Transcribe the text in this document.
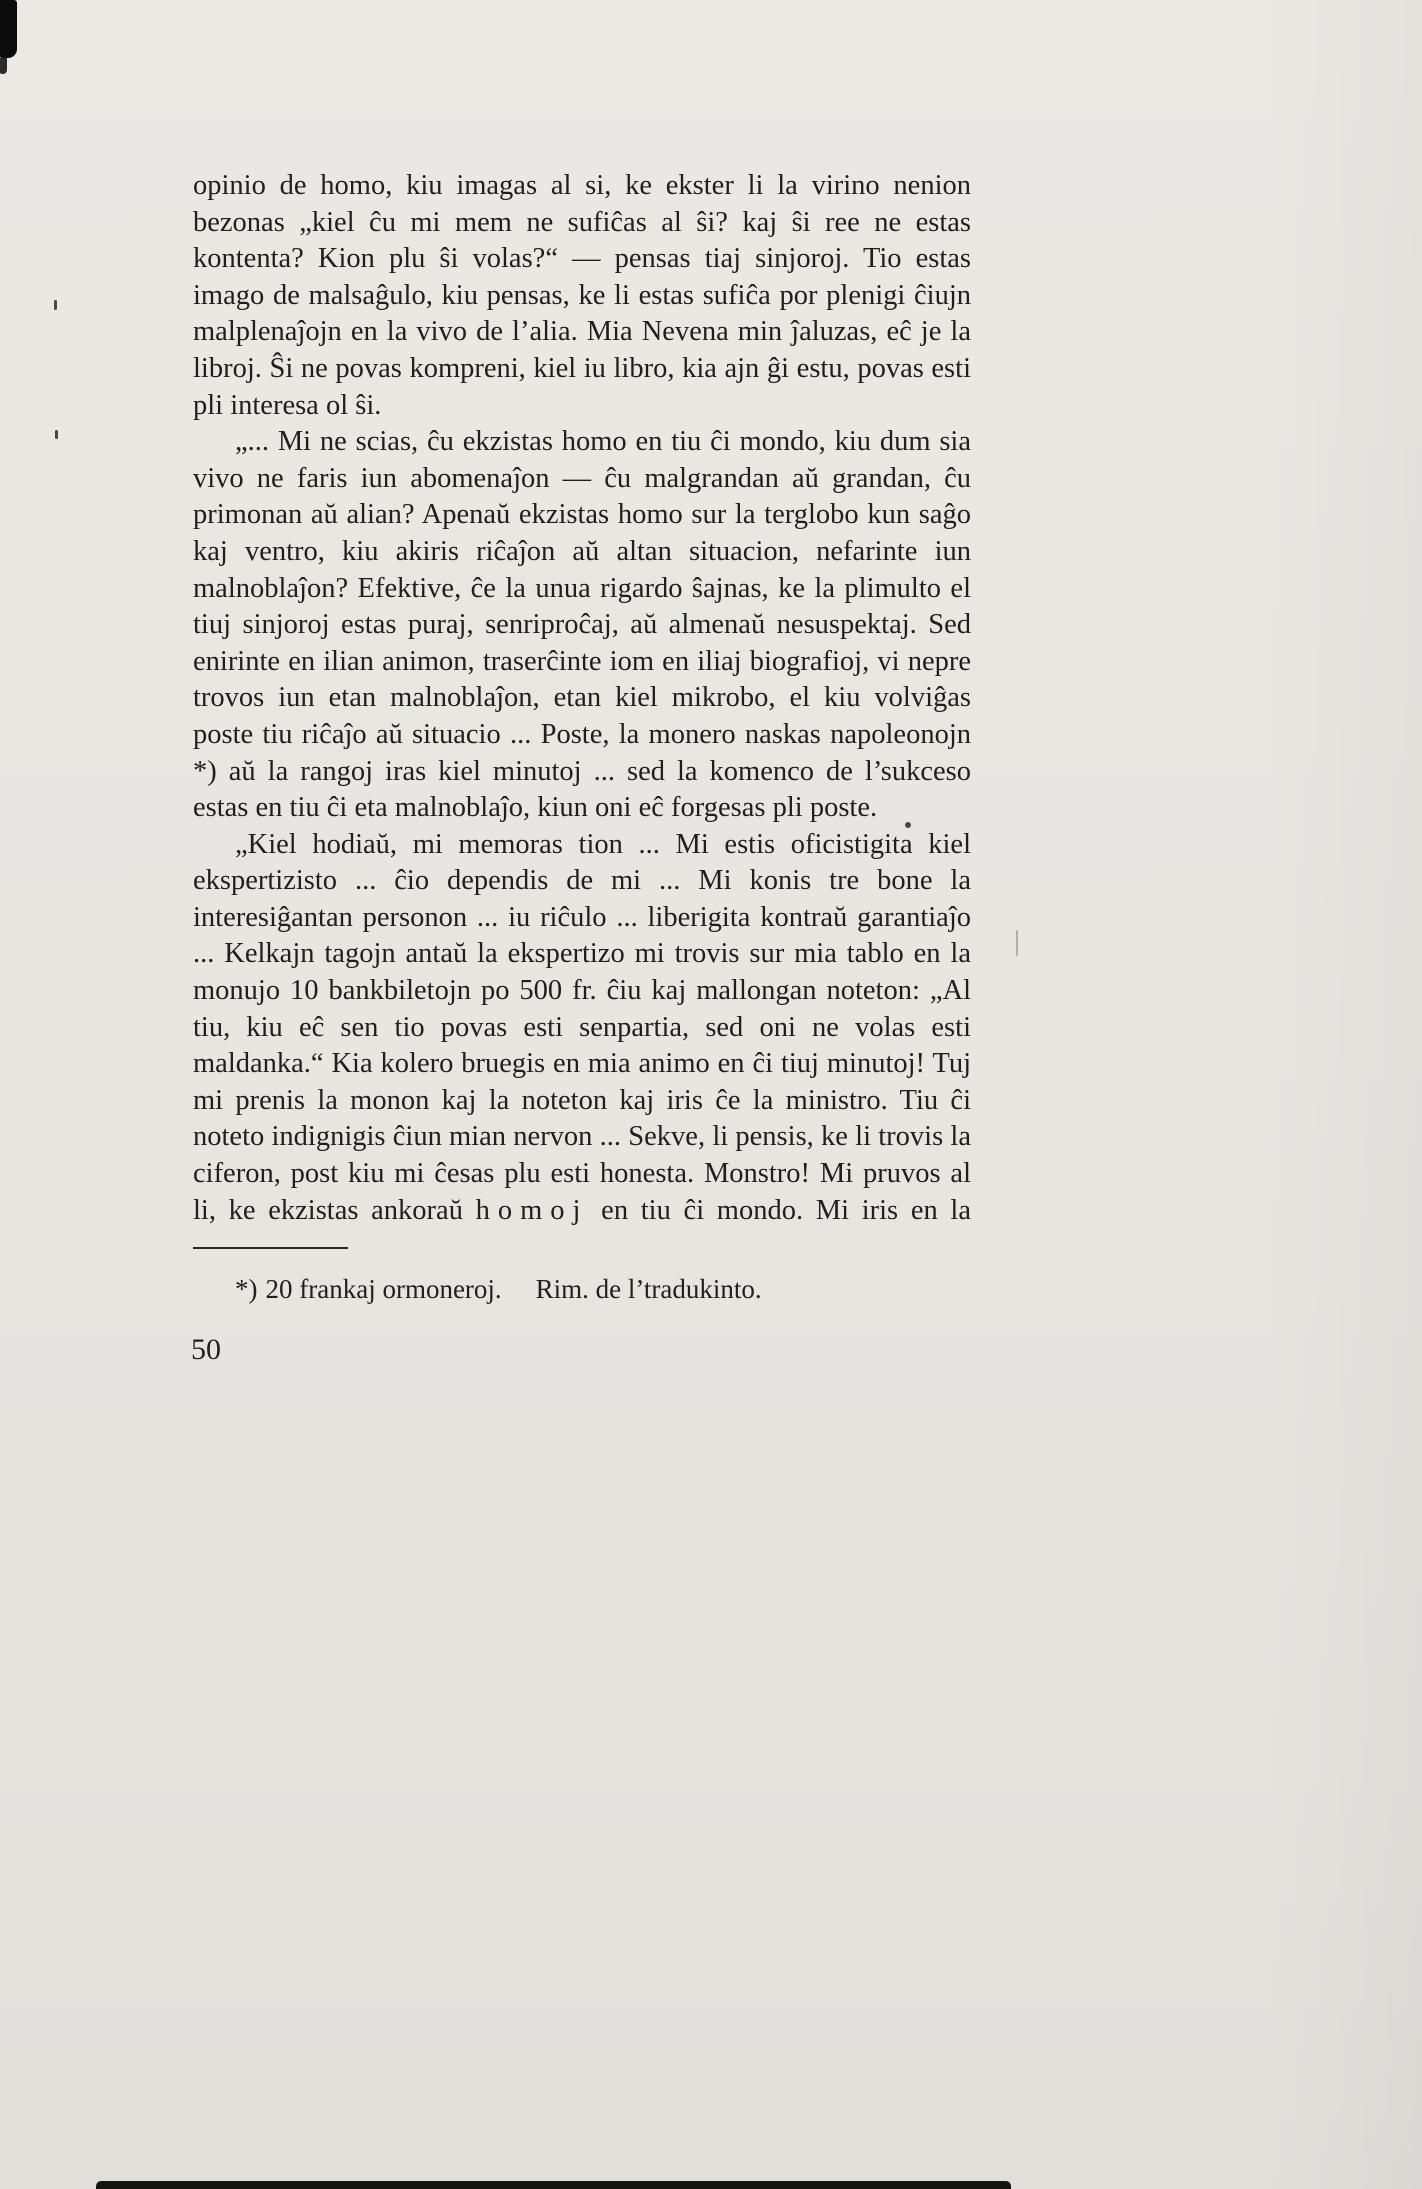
opinio de homo, kiu imagas al si, ke ekster li la virino nenion bezonas „kiel ĉu mi mem ne sufiĉas al ŝi? kaj ŝi ree ne estas kontenta? Kion plu ŝi volas?“ — pensas tiaj sinjoroj. Tio estas imago de malsaĝulo, kiu pensas, ke li estas sufiĉa por plenigi ĉiujn malplenaĵojn en la vivo de l’alia. Mia Nevena min ĵaluzas, eĉ je la libroj. Ŝi ne povas kompreni, kiel iu libro, kia ajn ĝi estu, povas esti pli interesa ol ŝi.

„... Mi ne scias, ĉu ekzistas homo en tiu ĉi mondo, kiu dum sia vivo ne faris iun abomenaĵon — ĉu malgrandan aŭ grandan, ĉu primonan aŭ alian? Apenaŭ ekzistas homo sur la terglobo kun saĝo kaj ventro, kiu akiris riĉaĵon aŭ altan situacion, nefarinte iun malnoblaĵon? Efektive, ĉe la unua rigardo ŝajnas, ke la plimulto el tiuj sinjoroj estas puraj, senriproĉaj, aŭ almenaŭ nesuspektaj. Sed enirinte en ilian animon, traserĉinte iom en iliaj biografioj, vi nepre trovos iun etan malnoblaĵon, etan kiel mikrobo, el kiu volviĝas poste tiu riĉaĵo aŭ situacio ... Poste, la monero naskas napoleonojn *) aŭ la rangoj iras kiel minutoj ... sed la komenco de l’sukceso estas en tiu ĉi eta malnoblaĵo, kiun oni eĉ forgesas pli poste.

„Kiel hodiaŭ, mi memoras tion ... Mi estis oficistigita kiel ekspertizisto ... ĉio dependis de mi ... Mi konis tre bone la interesiĝantan personon ... iu riĉulo ... liberigita kontraŭ garantiaĵo ... Kelkajn tagojn antaŭ la ekspertizo mi trovis sur mia tablo en la monujo 10 bankbiletojn po 500 fr. ĉiu kaj mallongan noteton: „Al tiu, kiu eĉ sen tio povas esti senpartia, sed oni ne volas esti maldanka.“ Kia kolero bruegis en mia animo en ĉi tiuj minutoj! Tuj mi prenis la monon kaj la noteton kaj iris ĉe la ministro. Tiu ĉi noteto indignigis ĉiun mian nervon ... Sekve, li pensis, ke li trovis la ciferon, post kiu mi ĉesas plu esti honesta. Monstro! Mi pruvos al li, ke ekzistas ankoraŭ homoj en tiu ĉi mondo. Mi iris en la

*) 20 frankaj ormoneroj. Rim. de l’tradukinto.
50
